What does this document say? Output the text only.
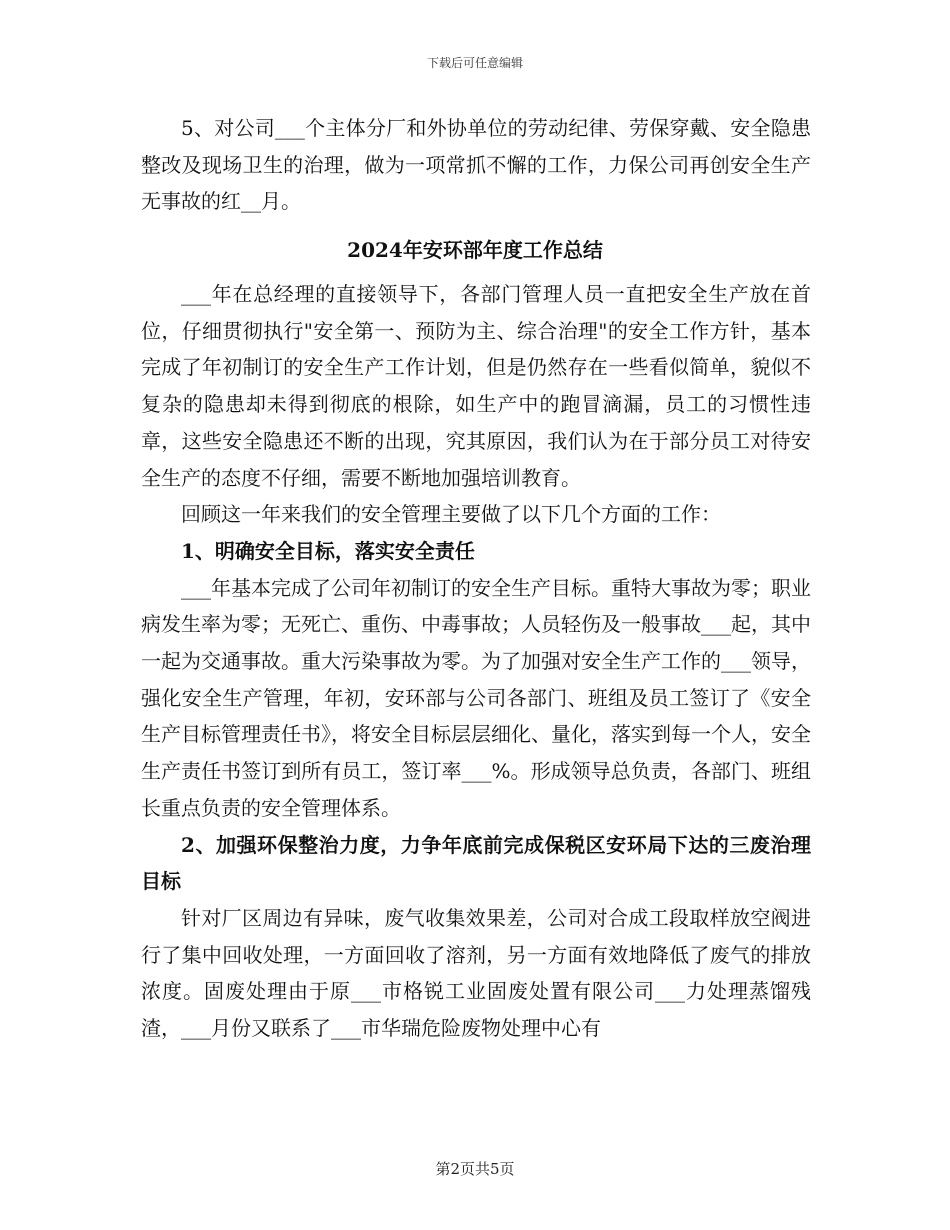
下载后可任意编辑

5、对公司___个主体分厂和外协单位的劳动纪律、劳保穿戴、安全隐患整改及现场卫生的治理，做为一项常抓不懈的工作，力保公司再创安全生产无事故的红__月。

2024年安环部年度工作总结

___年在总经理的直接领导下，各部门管理人员一直把安全生产放在首位，仔细贯彻执行"安全第一、预防为主、综合治理"的安全工作方针，基本完成了年初制订的安全生产工作计划，但是仍然存在一些看似简单，貌似不复杂的隐患却未得到彻底的根除，如生产中的跑冒滴漏，员工的习惯性违章，这些安全隐患还不断的出现，究其原因，我们认为在于部分员工对待安全生产的态度不仔细，需要不断地加强培训教育。

回顾这一年来我们的安全管理主要做了以下几个方面的工作：

1、明确安全目标，落实安全责任

___年基本完成了公司年初制订的安全生产目标。重特大事故为零；职业病发生率为零；无死亡、重伤、中毒事故；人员轻伤及一般事故___起，其中一起为交通事故。重大污染事故为零。为了加强对安全生产工作的___领导，强化安全生产管理，年初，安环部与公司各部门、班组及员工签订了《安全生产目标管理责任书》，将安全目标层层细化、量化，落实到每一个人，安全生产责任书签订到所有员工，签订率___%。形成领导总负责，各部门、班组长重点负责的安全管理体系。

2、加强环保整治力度，力争年底前完成保税区安环局下达的三废治理目标

针对厂区周边有异味，废气收集效果差，公司对合成工段取样放空阀进行了集中回收处理，一方面回收了溶剂，另一方面有效地降低了废气的排放浓度。固废处理由于原___市格锐工业固废处置有限公司___力处理蒸馏残渣，___月份又联系了___市华瑞危险废物处理中心有

第2页共5页
